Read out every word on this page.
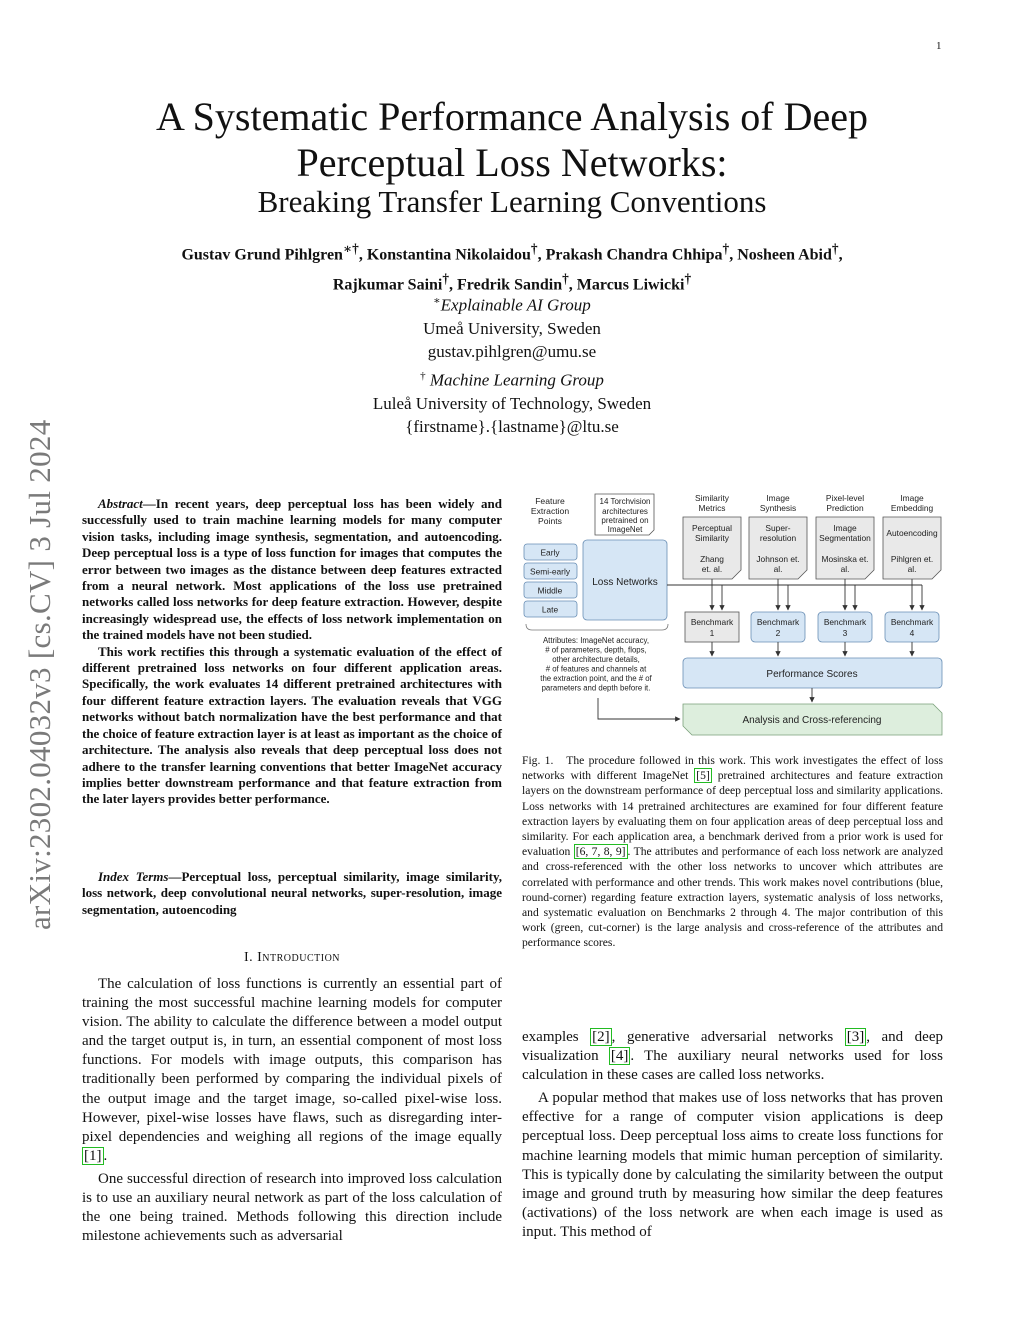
1
arXiv:2302.04032v3 [cs.CV] 3 Jul 2024
A Systematic Performance Analysis of Deep
Perceptual Loss Networks:
Breaking Transfer Learning Conventions
Gustav Grund Pihlgren∗†, Konstantina Nikolaidou†, Prakash Chandra Chhipa†, Nosheen Abid†,
Rajkumar Saini†, Fredrik Sandin†, Marcus Liwicki†
∗Explainable AI Group
Umeå University, Sweden
gustav.pihlgren@umu.se
† Machine Learning Group
Luleå University of Technology, Sweden
{firstname}.{lastname}@ltu.se

Abstract—In recent years, deep perceptual loss has been widely and successfully used to train machine learning models for many computer vision tasks, including image synthesis, segmentation, and autoencoding. Deep perceptual loss is a type of loss function for images that computes the error between two images as the distance between deep features extracted from a neural network. Most applications of the loss use pretrained networks called loss networks for deep feature extraction. However, despite increasingly widespread use, the effects of loss network implementation on the trained models have not been studied.

This work rectifies this through a systematic evaluation of the effect of different pretrained loss networks on four different application areas. Specifically, the work evaluates 14 different pretrained architectures with four different feature extraction layers. The evaluation reveals that VGG networks without batch normalization have the best performance and that the choice of feature extraction layer is at least as important as the choice of architecture. The analysis also reveals that deep perceptual loss does not adhere to the transfer learning conventions that better ImageNet accuracy implies better downstream performance and that feature extraction from the later layers provides better performance.

Index Terms—Perceptual loss, perceptual similarity, image similarity, loss network, deep convolutional neural networks, super-resolution, image segmentation, autoencoding
I. Introduction

The calculation of loss functions is currently an essential part of training the most successful machine learning models for computer vision. The ability to calculate the difference between a model output and the target output is, in turn, an essential component of most loss functions. For models with image outputs, this comparison has traditionally been performed by comparing the individual pixels of the output image and the target image, so-called pixel-wise loss. However, pixel-wise losses have flaws, such as disregarding inter-pixel dependencies and weighing all regions of the image equally [1] .

One successful direction of research into improved loss calculation is to use an auxiliary neural network as part of the loss calculation of the one being trained. Methods following this direction include milestone achievements such as adversarial

examples [2] , generative adversarial networks [3] , and deep visualization [4] . The auxiliary neural networks used for loss calculation in these cases are called loss networks.

A popular method that makes use of loss networks that has proven effective for a range of computer vision applications is deep perceptual loss. Deep perceptual loss aims to create loss functions for machine learning models that mimic human perception of similarity. This is typically done by calculating the similarity between the output image and ground truth by measuring how similar the deep features (activations) of the loss network are when each image is used as input. This method of

Feature
Extraction
Points
14 Torchvision
architectures
pretrained on
ImageNet
Early
Semi-early
Middle
Late
Loss Networks
Attributes: ImageNet accuracy,
# of parameters, depth, flops,
other architecture details,
# of features and channels at
the extraction point, and the # of
parameters and depth before it.
Similarity
Metrics
Image
Synthesis
Pixel-level
Prediction
Image
Embedding
Perceptual
Similarity
Zhang
et. al.
Super-
resolution
Johnson et.
al.
Image
Segmentation
Mosinska et.
al.
Autoencoding
Pihlgren et.
al.
Benchmark
1
Benchmark
2
Benchmark
3
Benchmark
4
Performance Scores
Analysis and Cross-referencing
Fig. 1. The procedure followed in this work. This work investigates the effect of loss networks with different ImageNet [5] pretrained architectures and feature extraction layers on the downstream performance of deep perceptual loss and similarity applications. Loss networks with 14 pretrained architectures are examined for four different feature extraction layers by evaluating them on four application areas of deep perceptual loss and similarity. For each application area, a benchmark derived from a prior work is used for evaluation [6, 7, 8, 9] . The attributes and performance of each loss network are analyzed and cross-referenced with the other loss networks to uncover which attributes are correlated with performance and other trends. This work makes novel contributions (blue, round-corner) regarding feature extraction layers, systematic analysis of loss networks, and systematic evaluation on Benchmarks 2 through 4. The major contribution of this work (green, cut-corner) is the large analysis and cross-reference of the attributes and performance scores.
